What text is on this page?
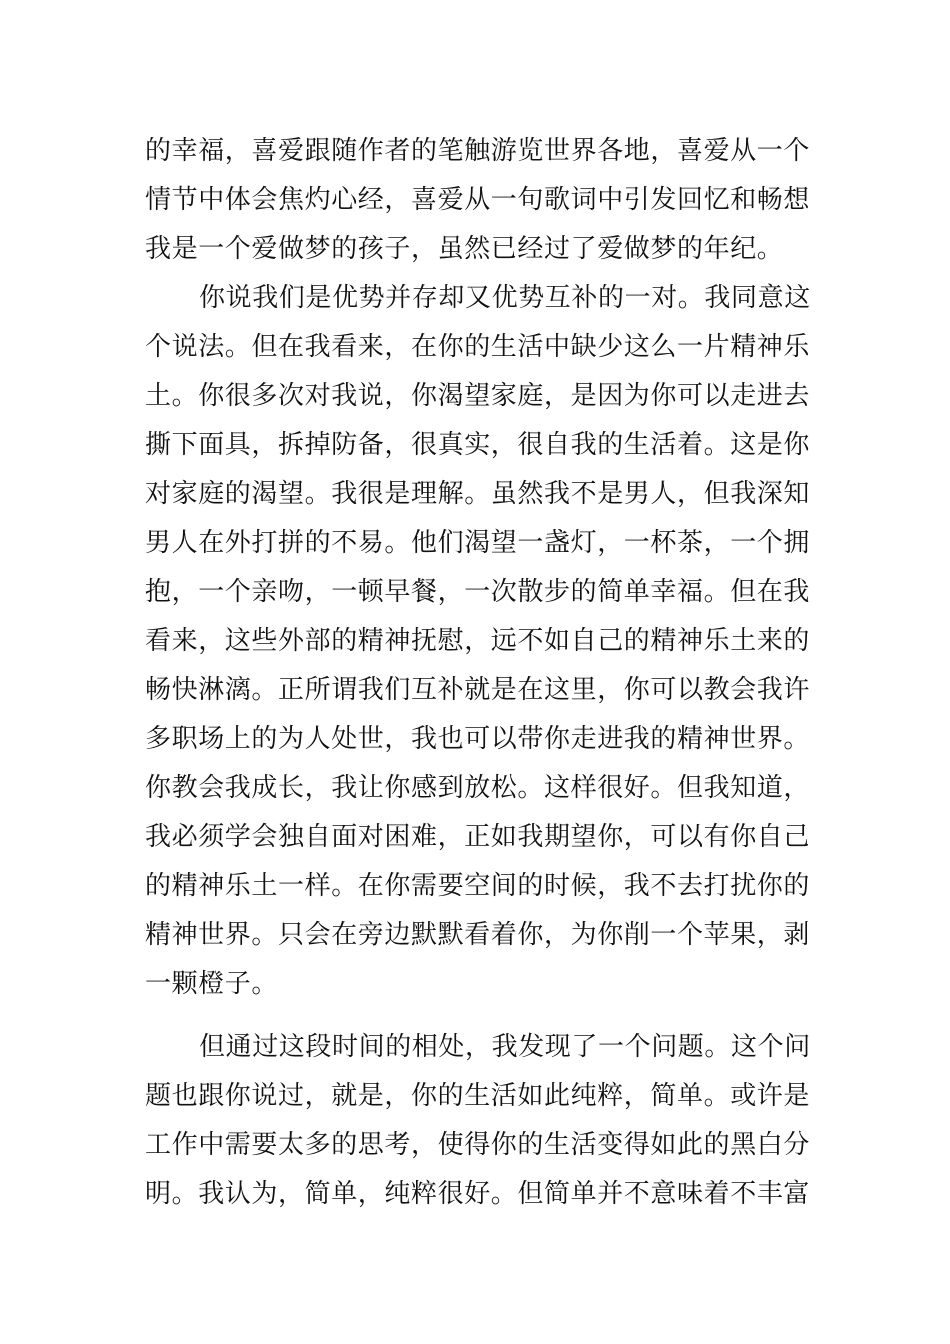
的幸福，喜爱跟随作者的笔触游览世界各地，喜爱从一个
情节中体会焦灼心经，喜爱从一句歌词中引发回忆和畅想
我是一个爱做梦的孩子，虽然已经过了爱做梦的年纪。
你说我们是优势并存却又优势互补的一对。我同意这
个说法。但在我看来，在你的生活中缺少这么一片精神乐
土。你很多次对我说，你渴望家庭，是因为你可以走进去
撕下面具，拆掉防备，很真实，很自我的生活着。这是你
对家庭的渴望。我很是理解。虽然我不是男人，但我深知
男人在外打拼的不易。他们渴望一盏灯，一杯茶，一个拥
抱，一个亲吻，一顿早餐，一次散步的简单幸福。但在我
看来，这些外部的精神抚慰，远不如自己的精神乐土来的
畅快淋漓。正所谓我们互补就是在这里，你可以教会我许
多职场上的为人处世，我也可以带你走进我的精神世界。
你教会我成长，我让你感到放松。这样很好。但我知道，
我必须学会独自面对困难，正如我期望你，可以有你自己
的精神乐土一样。在你需要空间的时候，我不去打扰你的
精神世界。只会在旁边默默看着你，为你削一个苹果，剥
一颗橙子。
但通过这段时间的相处，我发现了一个问题。这个问
题也跟你说过，就是，你的生活如此纯粹，简单。或许是
工作中需要太多的思考，使得你的生活变得如此的黑白分
明。我认为，简单，纯粹很好。但简单并不意味着不丰富
